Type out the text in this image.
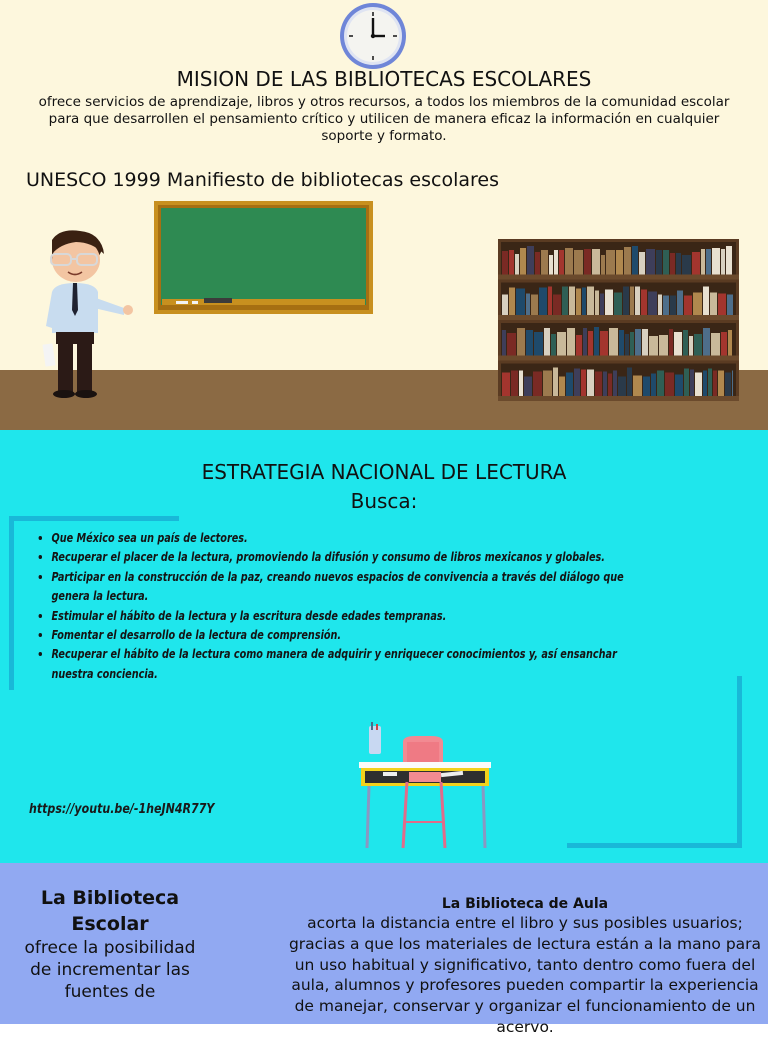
MISION DE LAS BIBLIOTECAS ESCOLARES
ofrece servicios de aprendizaje, libros y otros recursos, a todos los miembros de la comunidad escolar para que desarrollen el pensamiento crítico y utilicen de manera eficaz la información en cualquier soporte y formato.
UNESCO 1999 Manifiesto de bibliotecas escolares
ESTRATEGIA NACIONAL DE LECTURA
Busca:
• Que México sea un país de lectores.
• Recuperar el placer de la lectura, promoviendo la difusión y consumo de libros mexicanos y globales.
• Participar en la construcción de la paz, creando nuevos espacios de convivencia a través del diálogo que genera la lectura.
• Estimular el hábito de la lectura y la escritura desde edades tempranas.
• Fomentar el desarrollo de la lectura de comprensión.
• Recuperar el hábito de la lectura como manera de adquirir y enriquecer conocimientos y, así ensanchar nuestra conciencia.
https://youtu.be/-1heJN4R77Y
La Biblioteca Escolar
ofrece la posibilidad de incrementar las fuentes de
La Biblioteca de Aula
acorta la distancia entre el libro y sus posibles usuarios; gracias a que los materiales de lectura están a la mano para un uso habitual y significativo, tanto dentro como fuera del aula, alumnos y profesores pueden compartir la experiencia de manejar, conservar y organizar el funcionamiento de un acervo.
